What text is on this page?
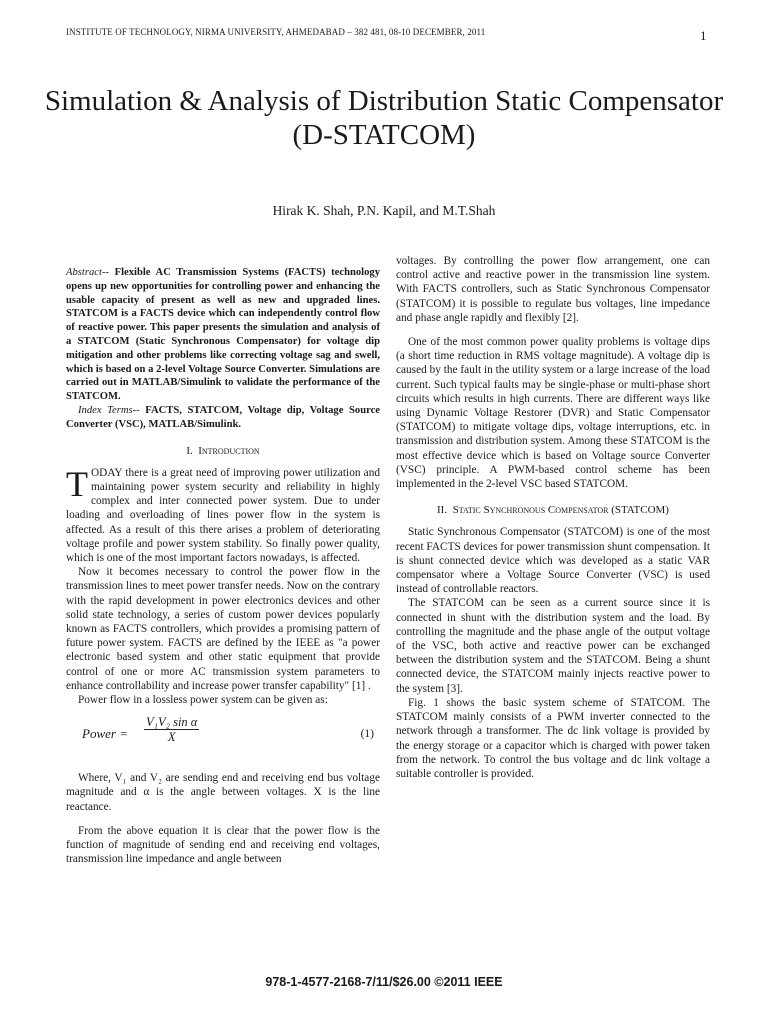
INSTITUTE OF TECHNOLOGY, NIRMA UNIVERSITY, AHMEDABAD – 382 481, 08-10 DECEMBER, 2011	1
Simulation & Analysis of Distribution Static Compensator (D-STATCOM)
Hirak K. Shah, P.N. Kapil, and M.T.Shah

Abstract-- Flexible AC Transmission Systems (FACTS) technology opens up new opportunities for controlling power and enhancing the usable capacity of present as well as new and upgraded lines. STATCOM is a FACTS device which can independently control flow of reactive power. This paper presents the simulation and analysis of a STATCOM (Static Synchronous Compensator) for voltage dip mitigation and other problems like correcting voltage sag and swell, which is based on a 2-level Voltage Source Converter. Simulations are carried out in MATLAB/Simulink to validate the performance of the STATCOM.

Index Terms-- FACTS, STATCOM, Voltage dip, Voltage Source Converter (VSC), MATLAB/Simulink.

I. Introduction

TODAY there is a great need of improving power utilization and maintaining power system security and reliability in highly complex and inter connected power system. Due to under loading and overloading of lines power flow in the system is affected. As a result of this there arises a problem of deteriorating voltage profile and power system stability. So finally power quality, which is one of the most important factors nowadays, is affected.

Now it becomes necessary to control the power flow in the transmission lines to meet power transfer needs. Now on the contrary with the rapid development in power electronics devices and other solid state technology, a series of custom power devices popularly known as FACTS controllers, which provides a promising pattern of future power system. FACTS are defined by the IEEE as "a power electronic based system and other static equipment that provide control of one or more AC transmission system parameters to enhance controllability and increase power transfer capability" [1] .

Power flow in a lossless power system can be given as:

Power = $\frac{\text{V₁V₂ sin α}}{X}$	(1)

Where, V₁ and V₂ are sending end and receiving end bus voltage magnitude and α is the angle between voltages. X is the line reactance.

From the above equation it is clear that the power flow is the function of magnitude of sending end and receiving end voltages, transmission line impedance and angle between

voltages. By controlling the power flow arrangement, one can control active and reactive power in the transmission line system. With FACTS controllers, such as Static Synchronous Compensator (STATCOM) it is possible to regulate bus voltages, line impedance and phase angle rapidly and flexibly [2].

One of the most common power quality problems is voltage dips (a short time reduction in RMS voltage magnitude). A voltage dip is caused by the fault in the utility system or a large increase of the load current. Such typical faults may be single-phase or multi-phase short circuits which results in high currents. There are different ways like using Dynamic Voltage Restorer (DVR) and Static Compensator (STATCOM) to mitigate voltage dips, voltage interruptions, etc. in transmission and distribution system. Among these STATCOM is the most effective device which is based on Voltage source Converter (VSC) principle. A PWM-based control scheme has been implemented in the 2-level VSC based STATCOM.

II. Static Synchronous Compensator (STATCOM)

Static Synchronous Compensator (STATCOM) is one of the most recent FACTS devices for power transmission shunt compensation. It is shunt connected device which was developed as a static VAR compensator where a Voltage Source Converter (VSC) is used instead of controllable reactors.

The STATCOM can be seen as a current source since it is connected in shunt with the distribution system and the load. By controlling the magnitude and the phase angle of the output voltage of the VSC, both active and reactive power can be exchanged between the distribution system and the STATCOM. Being a shunt connected device, the STATCOM mainly injects reactive power to the system [3].

Fig. 1 shows the basic system scheme of STATCOM. The STATCOM mainly consists of a PWM inverter connected to the network through a transformer. The dc link voltage is provided by the energy storage or a capacitor which is charged with power taken from the network. To control the bus voltage and dc link voltage a suitable controller is provided.

978-1-4577-2168-7/11/$26.00 ©2011 IEEE
